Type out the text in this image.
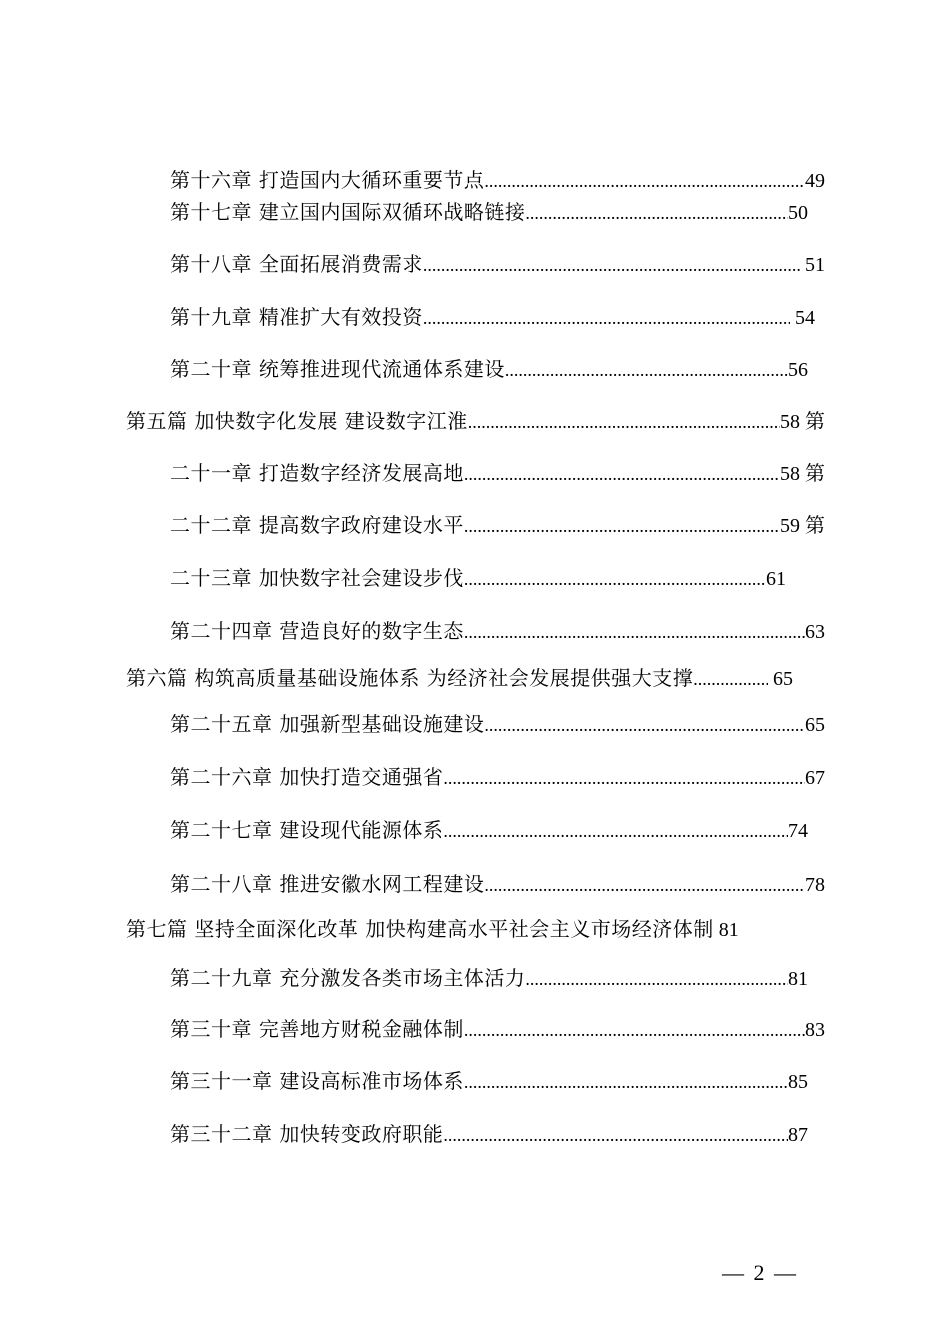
第十六章 打造国内大循环重要节点 .....	49
第十七章 建立国内国际双循环战略链接 .....	50
第十八章 全面拓展消费需求 .....	51
第十九章 精准扩大有效投资 .....	54
第二十章 统筹推进现代流通体系建设 .....	56
第五篇 加快数字化发展 建设数字江淮 .....	58 第
二十一章 打造数字经济发展高地 .....	58 第
二十二章 提高数字政府建设水平 .....	59 第
二十三章 加快数字社会建设步伐 .....	61
第二十四章 营造良好的数字生态 .....	63
第六篇 构筑高质量基础设施体系 为经济社会发展提供强大支撑 .....	65
第二十五章 加强新型基础设施建设 .....	65
第二十六章 加快打造交通强省 .....	67
第二十七章 建设现代能源体系 .....	74
第二十八章 推进安徽水网工程建设 .....	78
第七篇 坚持全面深化改革 加快构建高水平社会主义市场经济体制 81
第二十九章 充分激发各类市场主体活力 .....	81
第三十章 完善地方财税金融体制 .....	83
第三十一章 建设高标准市场体系 .....	85
第三十二章 加快转变政府职能 .....	87
— 2 —
